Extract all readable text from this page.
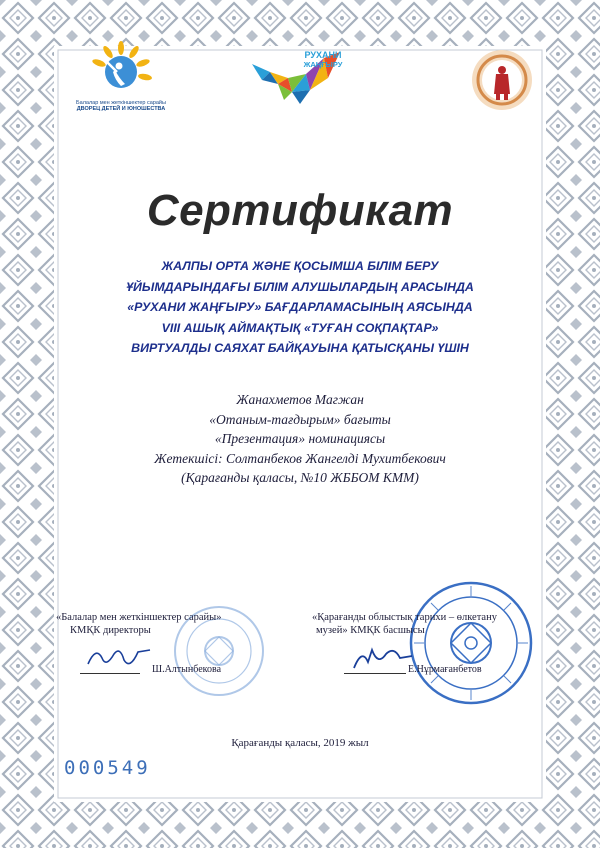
Балалар мен жеткіншектер сарайы
ДВОРЕЦ ДЕТЕЙ И ЮНОШЕСТВА
РУХАНИ
ЖАҢҒЫРУ
Сертификат
ЖАЛПЫ ОРТА ЖӘНЕ ҚОСЫМША БІЛІМ БЕРУ
ҰЙЫМДАРЫНДАҒЫ БІЛІМ АЛУШЫЛАРДЫҢ АРАСЫНДА
«РУХАНИ ЖАҢҒЫРУ» БАҒДАРЛАМАСЫНЫҢ АЯСЫНДА
VIII АШЫҚ АЙМАҚТЫҚ «ТУҒАН СОҚПАҚТАР»
ВИРТУАЛДЫ САЯХАТ БАЙҚАУЫНА ҚАТЫСҚАНЫ ҮШІН
Жанахметов Магжан
«Отаным-тағдырым» бағыты
«Презентация» номинациясы
Жетекшісі: Солтанбеков Жангелді Мухитбекович
(Қарағанды қаласы, №10 ЖББОМ КММ)
«Балалар мен жеткіншектер сарайы»
КМҚК директоры
Ш.Алтынбекова
«Қарағанды облыстық тарихи – өлкетану
музей» КМҚК басшысы
Е.Нұрмағанбетов
Қарағанды қаласы, 2019 жыл
000549
